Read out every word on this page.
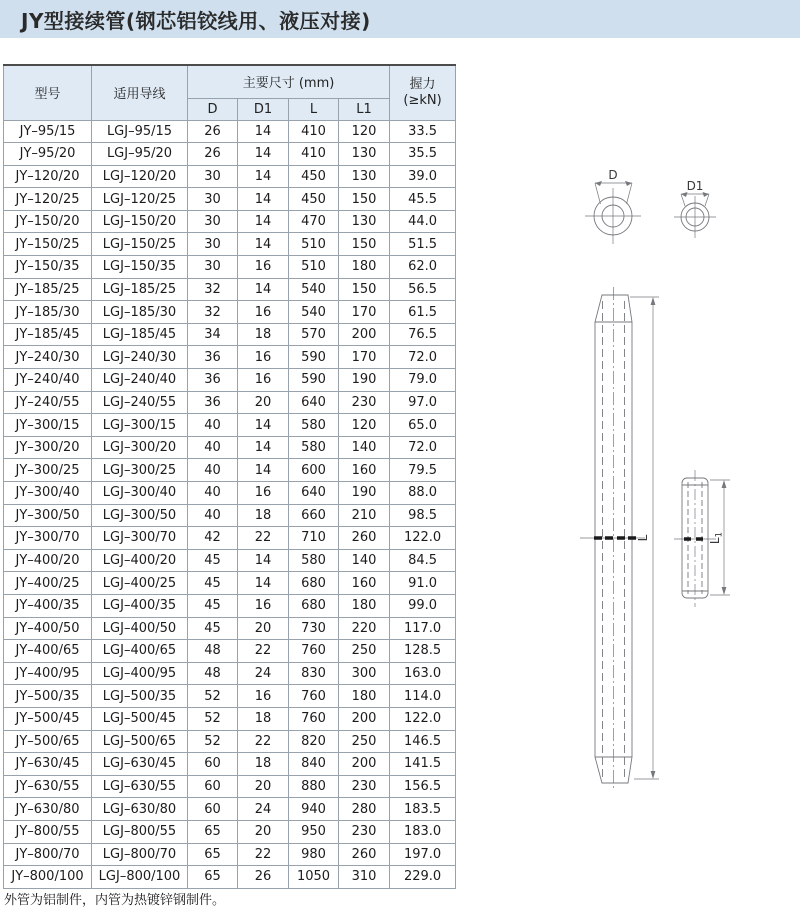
JY型接续管(钢芯铝铰线用、液压对接)
型号	适用导线	主要尺寸 (mm)				握力
(≥kN)

		D	D1	L	L1	
JY–95/15	LGJ–95/15	26	14	410	120	33.5
JY–95/20	LGJ–95/20	26	14	410	130	35.5
JY–120/20	LGJ–120/20	30	14	450	130	39.0
JY–120/25	LGJ–120/25	30	14	450	150	45.5
JY–150/20	LGJ–150/20	30	14	470	130	44.0
JY–150/25	LGJ–150/25	30	14	510	150	51.5
JY–150/35	LGJ–150/35	30	16	510	180	62.0
JY–185/25	LGJ–185/25	32	14	540	150	56.5
JY–185/30	LGJ–185/30	32	16	540	170	61.5
JY–185/45	LGJ–185/45	34	18	570	200	76.5
JY–240/30	LGJ–240/30	36	16	590	170	72.0
JY–240/40	LGJ–240/40	36	16	590	190	79.0
JY–240/55	LGJ–240/55	36	20	640	230	97.0
JY–300/15	LGJ–300/15	40	14	580	120	65.0
JY–300/20	LGJ–300/20	40	14	580	140	72.0
JY–300/25	LGJ–300/25	40	14	600	160	79.5
JY–300/40	LGJ–300/40	40	16	640	190	88.0
JY–300/50	LGJ–300/50	40	18	660	210	98.5
JY–300/70	LGJ–300/70	42	22	710	260	122.0
JY–400/20	LGJ–400/20	45	14	580	140	84.5
JY–400/25	LGJ–400/25	45	14	680	160	91.0
JY–400/35	LGJ–400/35	45	16	680	180	99.0
JY–400/50	LGJ–400/50	45	20	730	220	117.0
JY–400/65	LGJ–400/65	48	22	760	250	128.5
JY–400/95	LGJ–400/95	48	24	830	300	163.0
JY–500/35	LGJ–500/35	52	16	760	180	114.0
JY–500/45	LGJ–500/45	52	18	760	200	122.0
JY–500/65	LGJ–500/65	52	22	820	250	146.5
JY–630/45	LGJ–630/45	60	18	840	200	141.5
JY–630/55	LGJ–630/55	60	20	880	230	156.5
JY–630/80	LGJ–630/80	60	24	940	280	183.5
JY–800/55	LGJ–800/55	65	20	950	230	183.0
JY–800/70	LGJ–800/70	65	22	980	260	197.0
JY–800/100	LGJ–800/100	65	26	1050	310	229.0
外管为铝制件，内管为热镀锌钢制件。
D
D1
L	$L_1$
